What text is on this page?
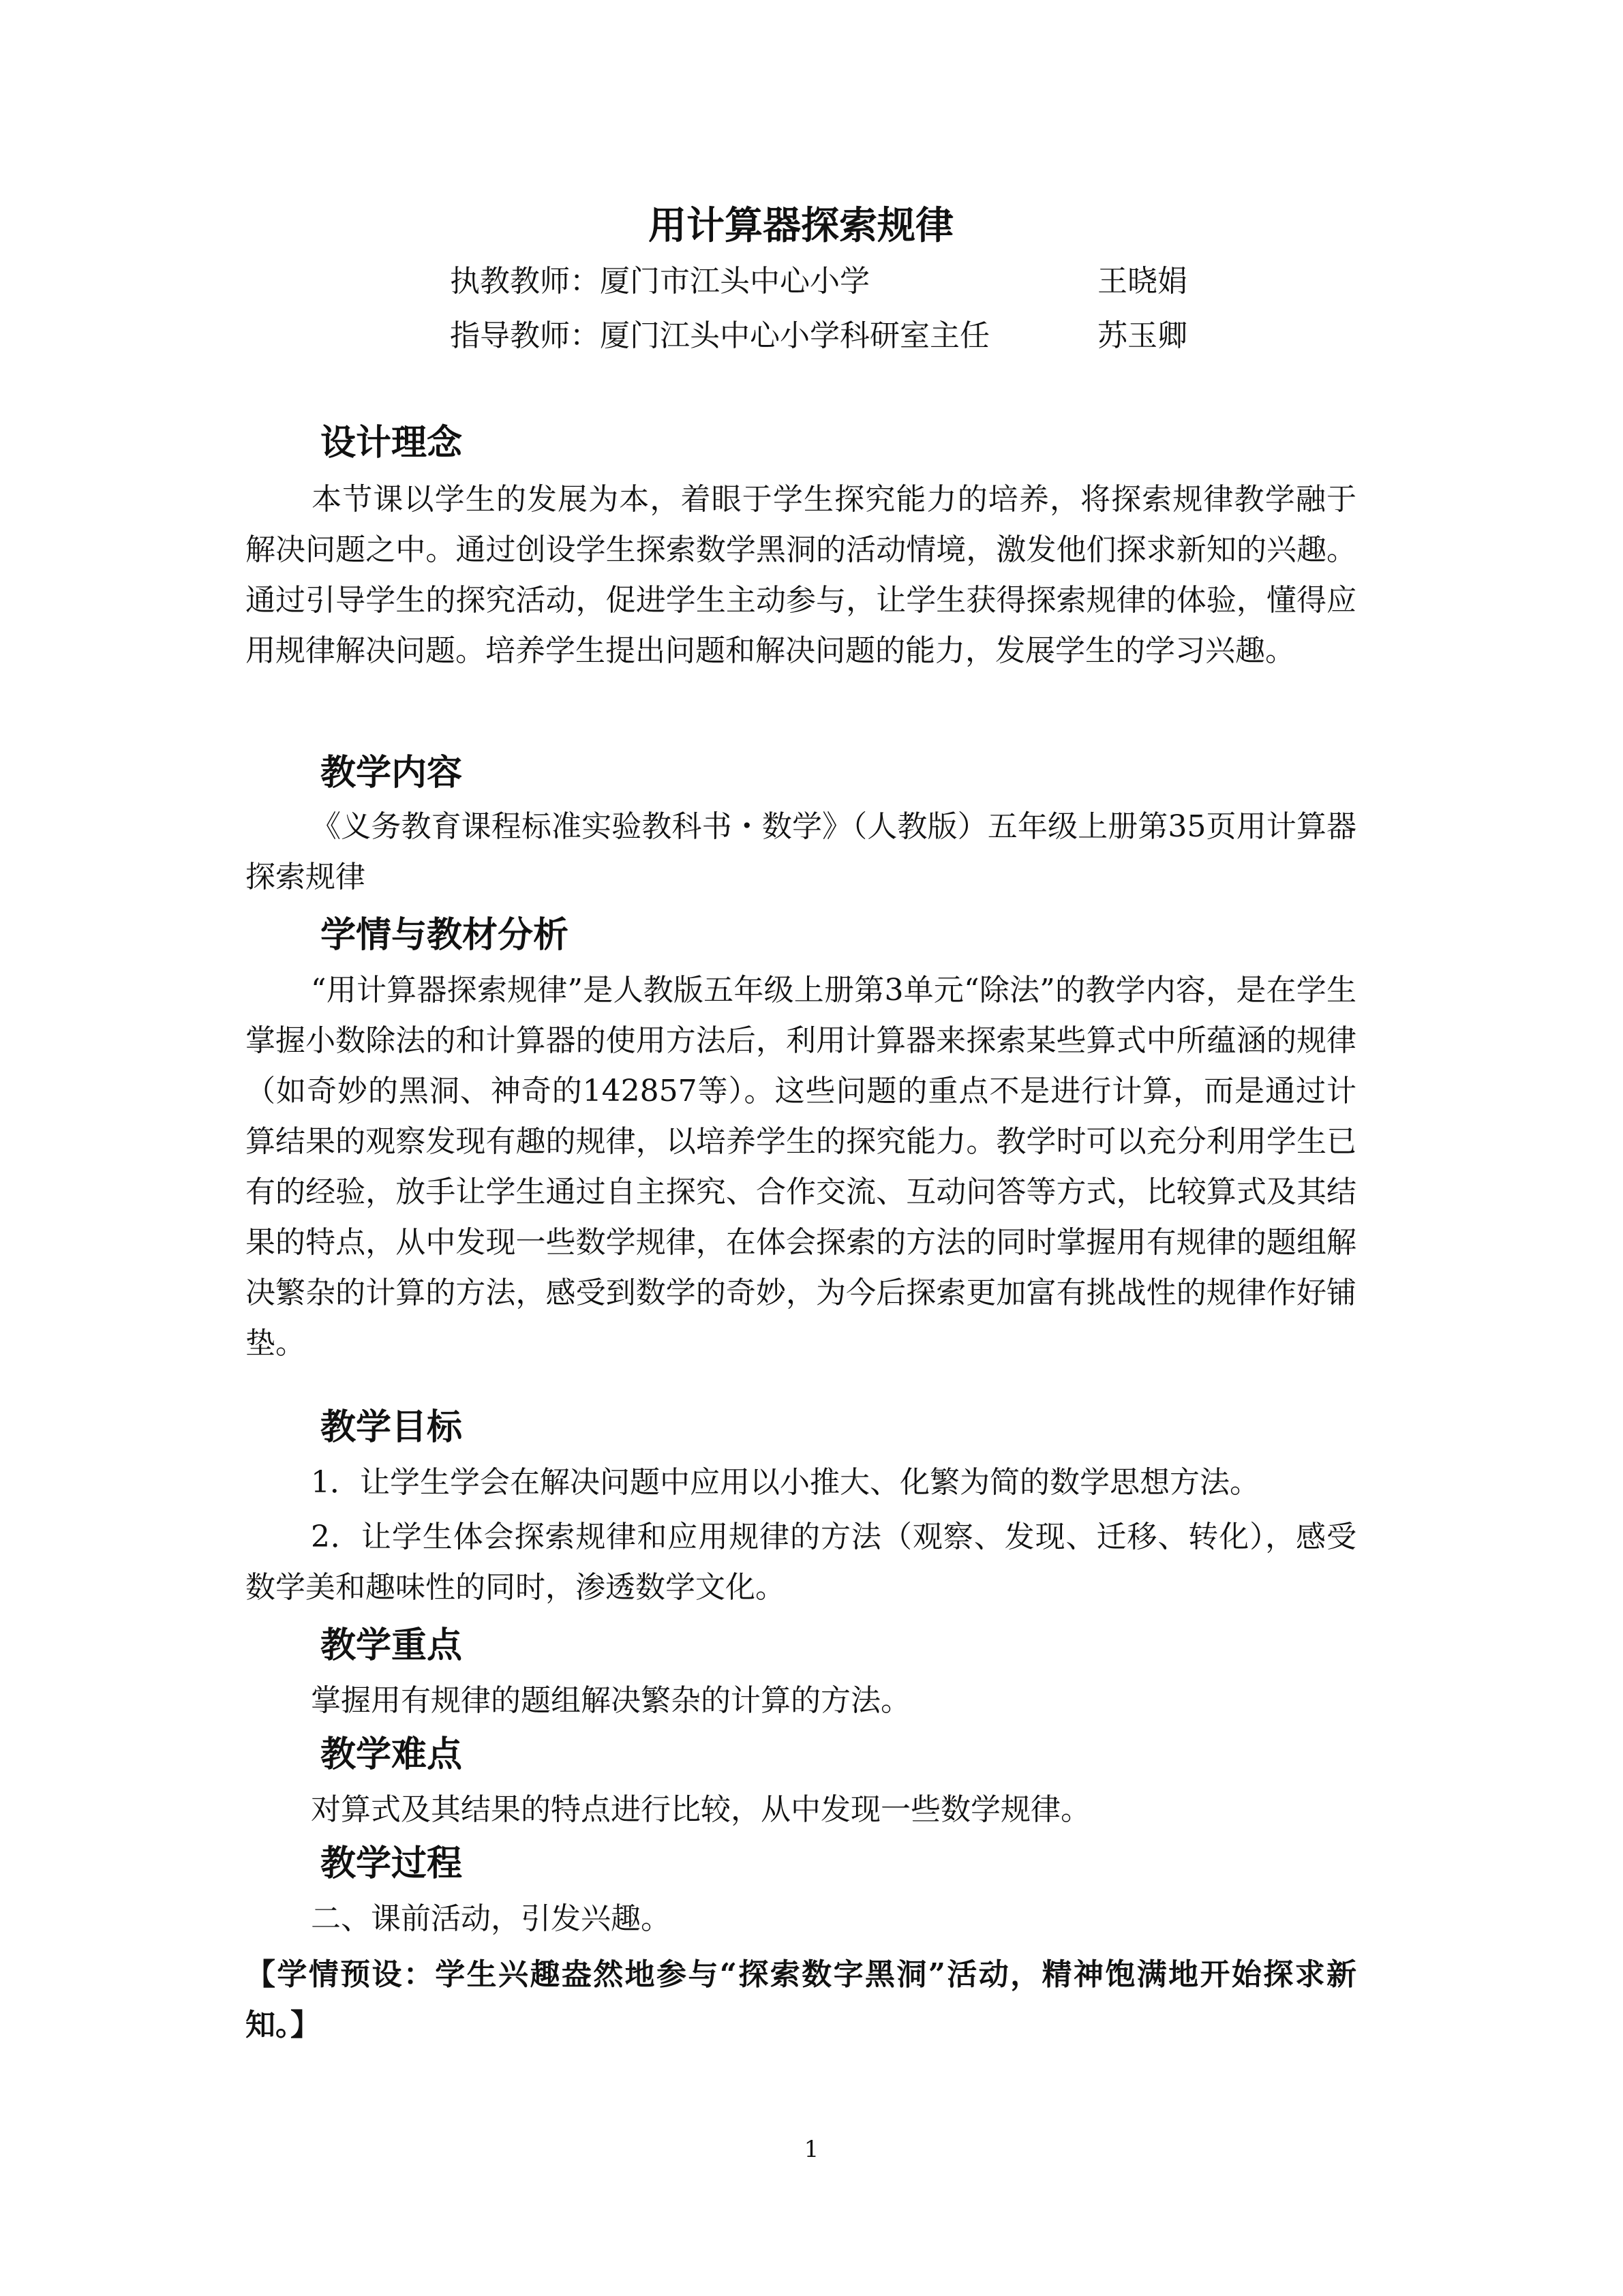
用计算器探索规律
执教教师：厦门市江头中心小学	王晓娟
指导教师：厦门江头中心小学科研室主任	苏玉卿
设计理念
本节课以学生的发展为本，着眼于学生探究能力的培养，将探索规律教学融于解决问题之中。通过创设学生探索数学黑洞的活动情境，激发他们探求新知的兴趣。通过引导学生的探究活动，促进学生主动参与，让学生获得探索规律的体验，懂得应用规律解决问题。培养学生提出问题和解决问题的能力，发展学生的学习兴趣。
教学内容
《义务教育课程标准实验教科书・数学》（人教版）五年级上册第35页用计算器探索规律
学情与教材分析
“用计算器探索规律”是人教版五年级上册第3单元“除法”的教学内容，是在学生掌握小数除法的和计算器的使用方法后，利用计算器来探索某些算式中所蕴涵的规律（如奇妙的黑洞、神奇的142857等）。这些问题的重点不是进行计算，而是通过计算结果的观察发现有趣的规律，以培养学生的探究能力。教学时可以充分利用学生已有的经验，放手让学生通过自主探究、合作交流、互动问答等方式，比较算式及其结果的特点，从中发现一些数学规律，在体会探索的方法的同时掌握用有规律的题组解决繁杂的计算的方法，感受到数学的奇妙，为今后探索更加富有挑战性的规律作好铺垫。
教学目标
1．让学生学会在解决问题中应用以小推大、化繁为简的数学思想方法。
2．让学生体会探索规律和应用规律的方法（观察、发现、迁移、转化），感受数学美和趣味性的同时，渗透数学文化。
教学重点
掌握用有规律的题组解决繁杂的计算的方法。
教学难点
对算式及其结果的特点进行比较，从中发现一些数学规律。
教学过程
二、课前活动，引发兴趣。
【学情预设：学生兴趣盎然地参与“探索数字黑洞”活动，精神饱满地开始探求新知。】
1
